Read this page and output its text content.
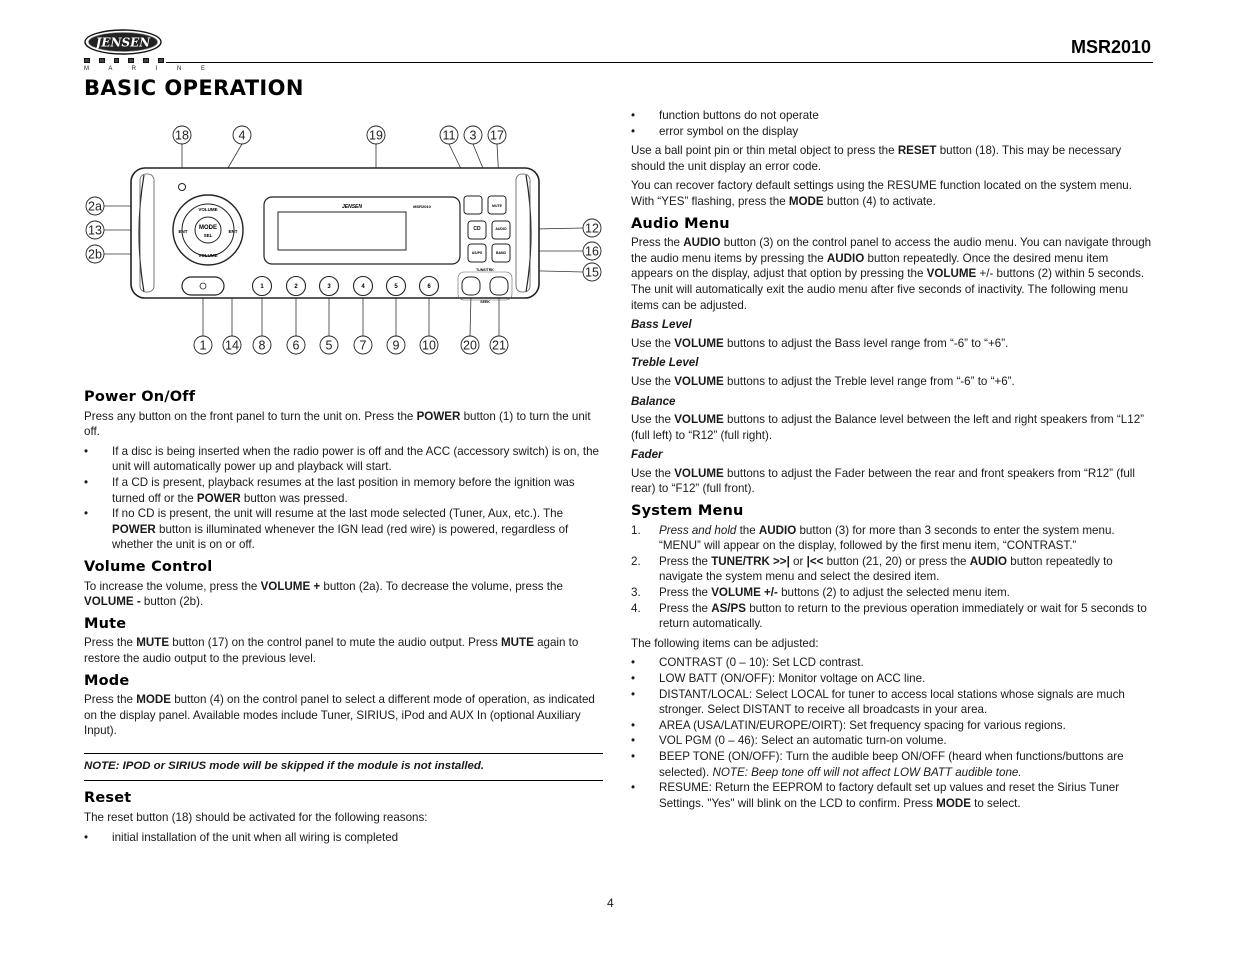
JENSEN
M A R I N E
MSR2010
BASIC OPERATION
VOLUME
VOLUME
MODE
SEL
ENT	ENT
JENSEN	MSR2010	MUTE
CD	AUDIO
AS/PS	BAND
1	2	3	4	5	6
TUNE/TRK
SEEK
18	4	19	11 3 17
2a
13
2b
12
16
15
1 14 8 6 5 7 9 10 20 21
Power On/Off

Press any button on the front panel to turn the unit on. Press the POWER button (1) to turn the unit off.

• If a disc is being inserted when the radio power is off and the ACC (accessory switch) is on, the unit will automatically power up and playback will start.
• If a CD is present, playback resumes at the last position in memory before the ignition was turned off or the POWER button was pressed.
• If no CD is present, the unit will resume at the last mode selected (Tuner, Aux, etc.). The POWER button is illuminated whenever the IGN lead (red wire) is powered, regardless of whether the unit is on or off.
Volume Control

To increase the volume, press the VOLUME + button (2a). To decrease the volume, press the VOLUME - button (2b).

Mute

Press the MUTE button (17) on the control panel to mute the audio output. Press MUTE again to restore the audio output to the previous level.

Mode

Press the MODE button (4) on the control panel to select a different mode of operation, as indicated on the display panel. Available modes include Tuner, SIRIUS, iPod and AUX In (optional Auxiliary Input).

NOTE: IPOD or SIRIUS mode will be skipped if the module is not installed.
Reset

The reset button (18) should be activated for the following reasons:

• initial installation of the unit when all wiring is completed
• function buttons do not operate
• error symbol on the display

Use a ball point pin or thin metal object to press the RESET button (18). This may be necessary should the unit display an error code.

You can recover factory default settings using the RESUME function located on the system menu. With “YES” flashing, press the MODE button (4) to activate.

Audio Menu

Press the AUDIO button (3) on the control panel to access the audio menu. You can navigate through the audio menu items by pressing the AUDIO button repeatedly. Once the desired menu item appears on the display, adjust that option by pressing the VOLUME +/- buttons (2) within 5 seconds. The unit will automatically exit the audio menu after five seconds of inactivity. The following menu items can be adjusted.

Bass Level

Use the VOLUME buttons to adjust the Bass level range from “-6” to “+6”.

Treble Level

Use the VOLUME buttons to adjust the Treble level range from “-6” to “+6”.

Balance

Use the VOLUME buttons to adjust the Balance level between the left and right speakers from “L12” (full left) to “R12” (full right).

Fader

Use the VOLUME buttons to adjust the Fader between the rear and front speakers from “R12” (full rear) to “F12” (full front).

System Menu
1. Press and hold the AUDIO button (3) for more than 3 seconds to enter the system menu. “MENU” will appear on the display, followed by the first menu item, “CONTRAST.”
2. Press the TUNE/TRK >>| or |<< button (21, 20) or press the AUDIO button repeatedly to navigate the system menu and select the desired item.
3. Press the VOLUME +/- buttons (2) to adjust the selected menu item.
4. Press the AS/PS button to return to the previous operation immediately or wait for 5 seconds to return automatically.

The following items can be adjusted:

• CONTRAST (0 – 10): Set LCD contrast.
• LOW BATT (ON/OFF): Monitor voltage on ACC line.
• DISTANT/LOCAL: Select LOCAL for tuner to access local stations whose signals are much stronger. Select DISTANT to receive all broadcasts in your area.
• AREA (USA/LATIN/EUROPE/OIRT): Set frequency spacing for various regions.
• VOL PGM (0 – 46): Select an automatic turn-on volume.
• BEEP TONE (ON/OFF): Turn the audible beep ON/OFF (heard when functions/buttons are selected). NOTE: Beep tone off will not affect LOW BATT audible tone.
• RESUME: Return the EEPROM to factory default set up values and reset the Sirius Tuner Settings. "Yes" will blink on the LCD to confirm. Press MODE to select.
4
